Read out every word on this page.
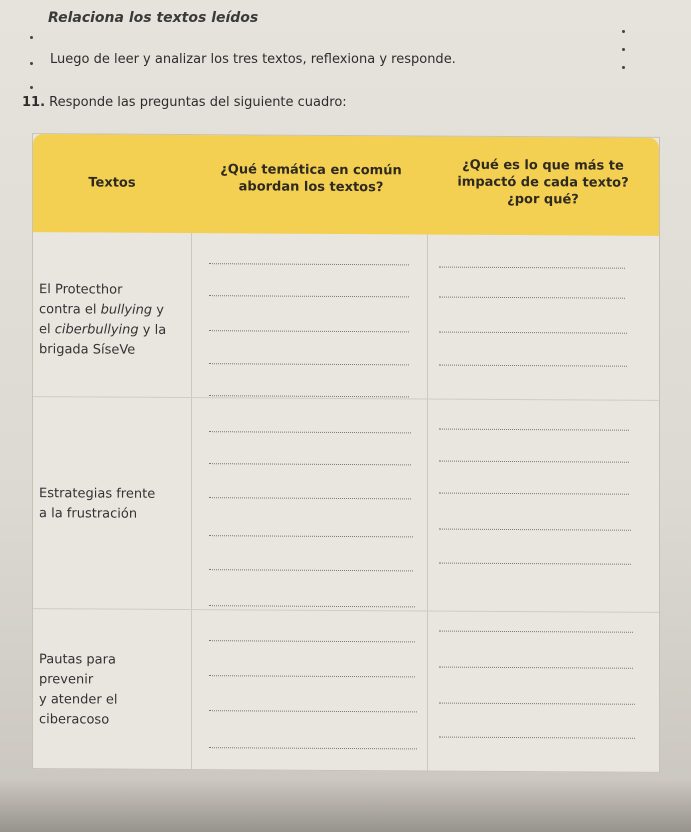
Relaciona los textos leídos
Luego de leer y analizar los tres textos, reflexiona y responde.
11. Responde las preguntas del siguiente cuadro:
Textos
¿Qué temática en común
abordan los textos?
¿Qué es lo que más te
impactó de cada texto?
¿por qué?
El Protecthor
contra el bullying y
el ciberbullying y la
brigada SíseVe
Estrategias frente
a la frustración
Pautas para
prevenir
y atender el
ciberacoso
